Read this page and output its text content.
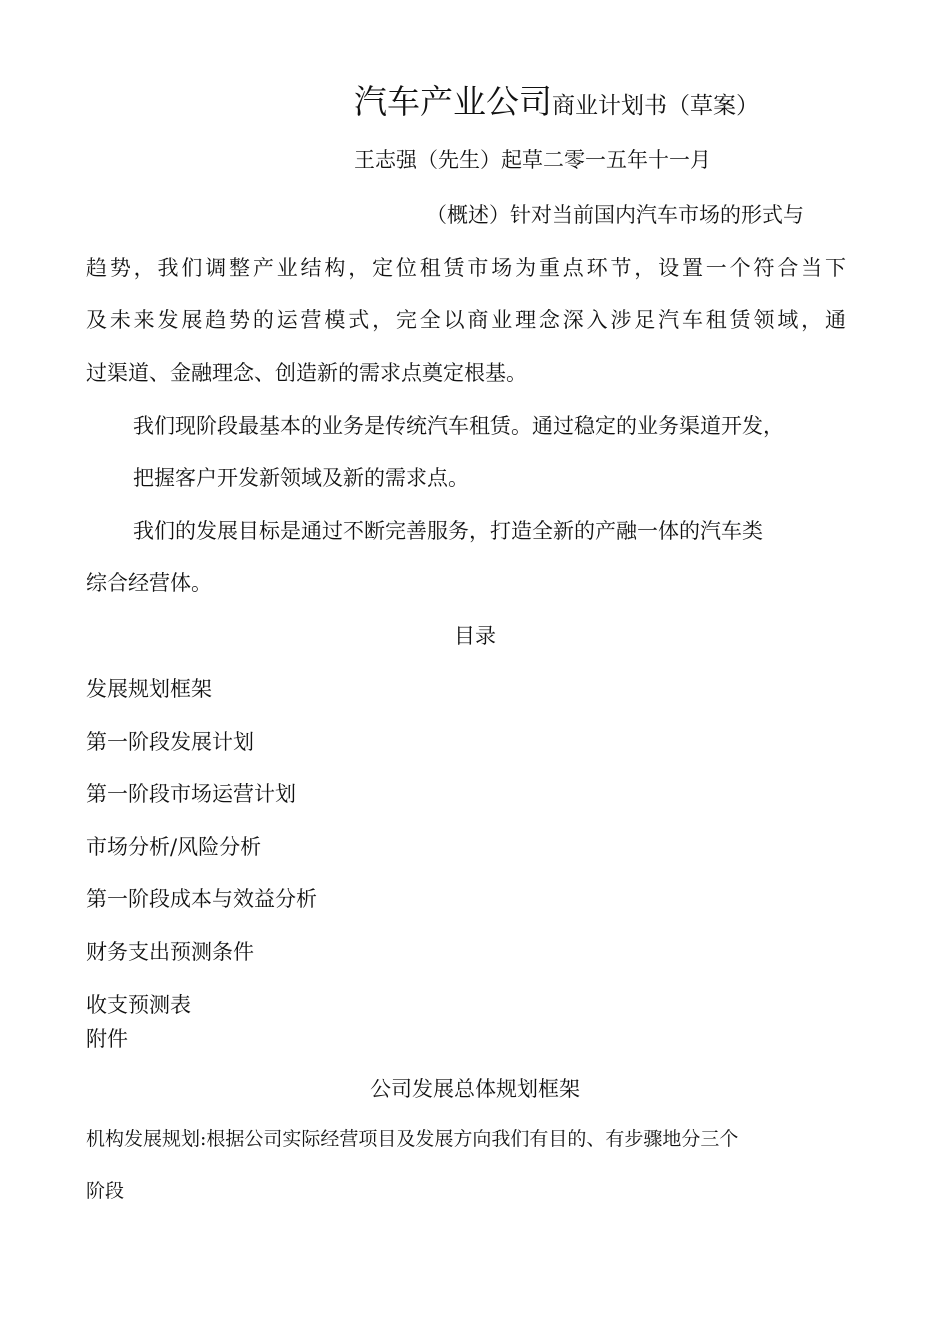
汽车产业公司商业计划书（草案）
王志强（先生）起草二零一五年十一月
（概述）针对当前国内汽车市场的形式与
趋势，我们调整产业结构，定位租赁市场为重点环节，设置一个符合当下
及未来发展趋势的运营模式，完全以商业理念深入涉足汽车租赁领域，通
过渠道、金融理念、创造新的需求点奠定根基。
我们现阶段最基本的业务是传统汽车租赁。通过稳定的业务渠道开发，
把握客户开发新领域及新的需求点。
我们的发展目标是通过不断完善服务，打造全新的产融一体的汽车类
综合经营体。
目录
发展规划框架
第一阶段发展计划
第一阶段市场运营计划
市场分析/风险分析
第一阶段成本与效益分析
财务支出预测条件
收支预测表
附件
公司发展总体规划框架
机构发展规划:根据公司实际经营项目及发展方向我们有目的、有步骤地分三个
阶段
